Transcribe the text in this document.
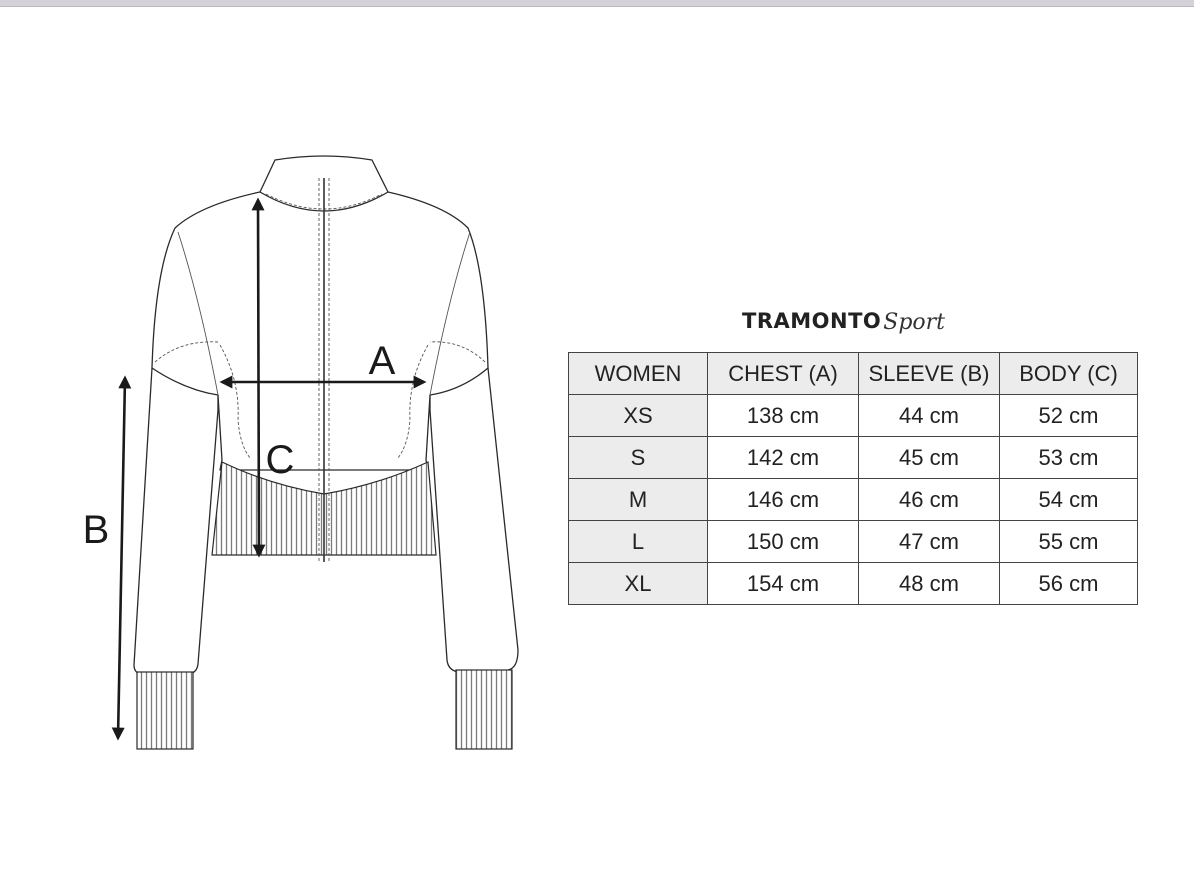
A
B
C
TRAMONTO Sport
WOMEN	CHEST (A)	SLEEVE (B)	BODY (C)
XS	138 cm	44 cm	52 cm
S	142 cm	45 cm	53 cm
M	146 cm	46 cm	54 cm
L	150 cm	47 cm	55 cm
XL	154 cm	48 cm	56 cm
